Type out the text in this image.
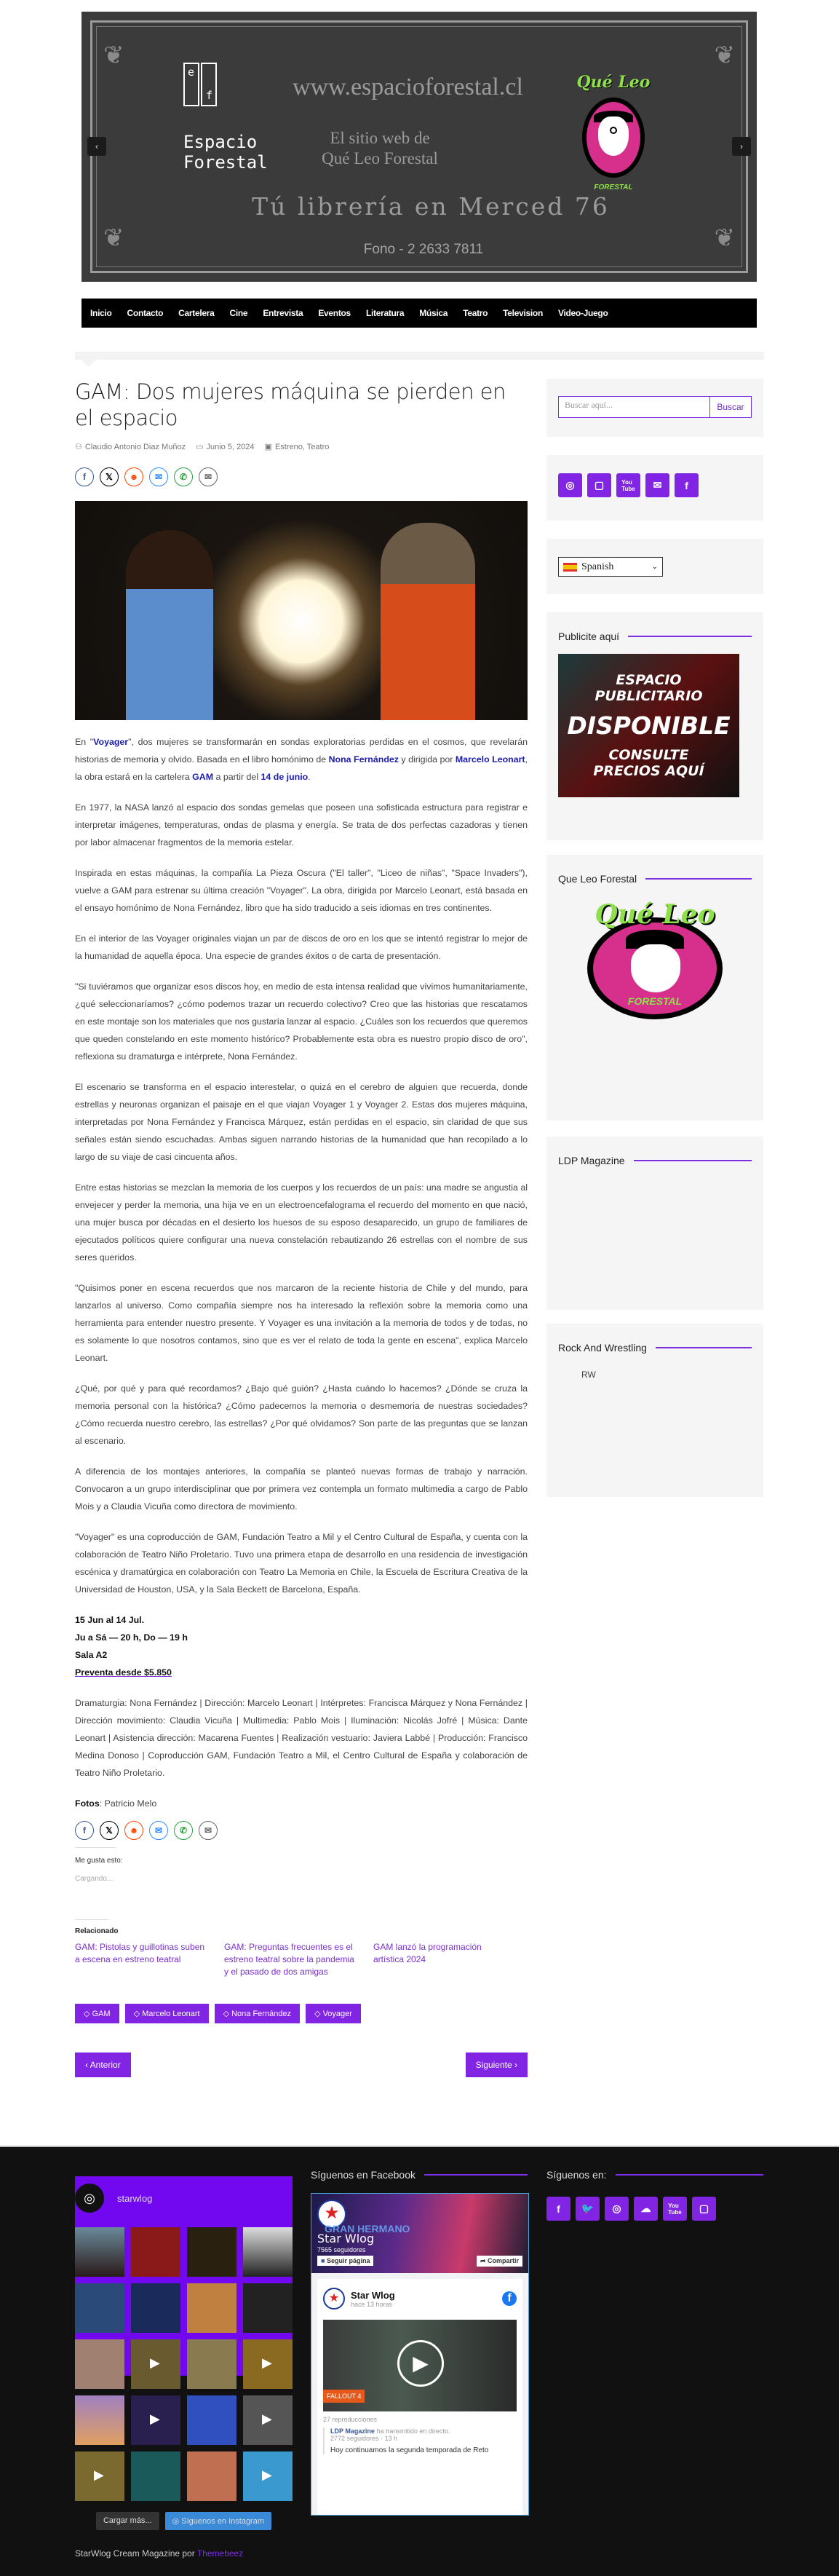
❦	❦
❦	❦
e
f
Espacio
Forestal
www.espacioforestal.cl
El sitio web de
Qué Leo Forestal
Tú librería en Merced 76
Fono - 2 2633 7811
FORESTAL
Qué Leo
‹	›
Inicio Contacto Cartelera Cine Entrevista Eventos Literatura Música Teatro Television Video-Juego
GAM: Dos mujeres máquina se pierden en el espacio
⚇ Claudio Antonio Diaz Muñoz ▭ Junio 5, 2024 ▣ Estreno, Teatro
f 𝕏 ☻ ✉ ✆ ✉

En "Voyager", dos mujeres se transformarán en sondas exploratorias perdidas en el cosmos, que revelarán historias de memoria y olvido. Basada en el libro homónimo de Nona Fernández y dirigida por Marcelo Leonart, la obra estará en la cartelera GAM a partir del 14 de junio.

En 1977, la NASA lanzó al espacio dos sondas gemelas que poseen una sofisticada estructura para registrar e interpretar imágenes, temperaturas, ondas de plasma y energía. Se trata de dos perfectas cazadoras y tienen por labor almacenar fragmentos de la memoria estelar.

Inspirada en estas máquinas, la compañía La Pieza Oscura ("El taller", "Liceo de niñas", "Space Invaders"), vuelve a GAM para estrenar su última creación "Voyager". La obra, dirigida por Marcelo Leonart, está basada en el ensayo homónimo de Nona Fernández, libro que ha sido traducido a seis idiomas en tres continentes.

En el interior de las Voyager originales viajan un par de discos de oro en los que se intentó registrar lo mejor de la humanidad de aquella época. Una especie de grandes éxitos o de carta de presentación.

"Si tuviéramos que organizar esos discos hoy, en medio de esta intensa realidad que vivimos humanitariamente, ¿qué seleccionaríamos? ¿cómo podemos trazar un recuerdo colectivo? Creo que las historias que rescatamos en este montaje son los materiales que nos gustaría lanzar al espacio. ¿Cuáles son los recuerdos que queremos que queden constelando en este momento histórico? Probablemente esta obra es nuestro propio disco de oro", reflexiona su dramaturga e intérprete, Nona Fernández.

El escenario se transforma en el espacio interestelar, o quizá en el cerebro de alguien que recuerda, donde estrellas y neuronas organizan el paisaje en el que viajan Voyager 1 y Voyager 2. Estas dos mujeres máquina, interpretadas por Nona Fernández y Francisca Márquez, están perdidas en el espacio, sin claridad de que sus señales están siendo escuchadas. Ambas siguen narrando historias de la humanidad que han recopilado a lo largo de su viaje de casi cincuenta años.

Entre estas historias se mezclan la memoria de los cuerpos y los recuerdos de un país: una madre se angustia al envejecer y perder la memoria, una hija ve en un electroencefalograma el recuerdo del momento en que nació, una mujer busca por décadas en el desierto los huesos de su esposo desaparecido, un grupo de familiares de ejecutados políticos quiere configurar una nueva constelación rebautizando 26 estrellas con el nombre de sus seres queridos.

"Quisimos poner en escena recuerdos que nos marcaron de la reciente historia de Chile y del mundo, para lanzarlos al universo. Como compañía siempre nos ha interesado la reflexión sobre la memoria como una herramienta para entender nuestro presente. Y Voyager es una invitación a la memoria de todos y de todas, no es solamente lo que nosotros contamos, sino que es ver el relato de toda la gente en escena", explica Marcelo Leonart.

¿Qué, por qué y para qué recordamos? ¿Bajo qué guión? ¿Hasta cuándo lo hacemos? ¿Dónde se cruza la memoria personal con la histórica? ¿Cómo padecemos la memoria o desmemoria de nuestras sociedades? ¿Cómo recuerda nuestro cerebro, las estrellas? ¿Por qué olvidamos? Son parte de las preguntas que se lanzan al escenario.

A diferencia de los montajes anteriores, la compañía se planteó nuevas formas de trabajo y narración. Convocaron a un grupo interdisciplinar que por primera vez contempla un formato multimedia a cargo de Pablo Mois y a Claudia Vicuña como directora de movimiento.

"Voyager" es una coproducción de GAM, Fundación Teatro a Mil y el Centro Cultural de España, y cuenta con la colaboración de Teatro Niño Proletario. Tuvo una primera etapa de desarrollo en una residencia de investigación escénica y dramatúrgica en colaboración con Teatro La Memoria en Chile, la Escuela de Escritura Creativa de la Universidad de Houston, USA, y la Sala Beckett de Barcelona, España.

15 Jun al 14 Jul.
Ju a Sá — 20 h, Do — 19 h
Sala A2
Preventa desde $5.850

Dramaturgia: Nona Fernández | Dirección: Marcelo Leonart | Intérpretes: Francisca Márquez y Nona Fernández | Dirección movimiento: Claudia Vicuña | Multimedia: Pablo Mois | Iluminación: Nicolás Jofré | Música: Dante Leonart | Asistencia dirección: Macarena Fuentes | Realización vestuario: Javiera Labbé | Producción: Francisco Medina Donoso | Coproducción GAM, Fundación Teatro a Mil, el Centro Cultural de España y colaboración de Teatro Niño Proletario.

Fotos: Patricio Melo

f 𝕏 ☻ ✉ ✆ ✉
Me gusta esto:
Cargando...
Relacionado
GAM: Pistolas y guillotinas suben a escena en estreno teatral
GAM: Preguntas frecuentes es el estreno teatral sobre la pandemia y el pasado de dos amigas
GAM lanzó la programación artística 2024
◇ GAM	◇ Marcelo Leonart	◇ Nona Fernández	◇ Voyager
‹ Anterior	Siguiente ›
Buscar aquí...	Buscar
◎ ▢	You
Tube ✉ f
Spanish	⌄
Publicite aquí
ESPACIO
PUBLICITARIO
DISPONIBLE
CONSULTE
PRECIOS AQUÍ
Que Leo Forestal
Qué Leo
FORESTAL
LDP Magazine
Rock And Wrestling
RW
◎ starwlog
▶
▶
▶
▶
▶
▶
Cargar más...	◎ Síguenos en Instagram
Síguenos en Facebook
★
GRAN HERMANO
Star Wlog
7565 seguidores
■ Seguir página	➦ Compartir
★	Star Wlog
hace 13 horas	f
▶
FALLOUT 4
27 reproducciones
LDP Magazine ha transmitido en directo.
2772 seguidores · 13 h
Hoy continuamos la segunda temporada de Reto
Síguenos en:
f 🐦 ◎ ☁	You
Tube ▢
StarWlog Cream Magazine por Themebeez
